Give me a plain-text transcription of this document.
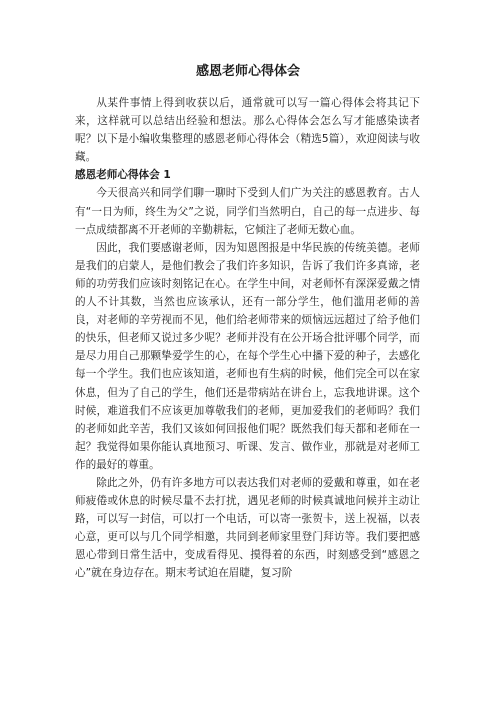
感恩老师心得体会

从某件事情上得到收获以后，通常就可以写一篇心得体会将其记下来，这样就可以总结出经验和想法。那么心得体会怎么写才能感染读者呢？以下是小编收集整理的感恩老师心得体会（精选5篇），欢迎阅读与收藏。

感恩老师心得体会 1

今天很高兴和同学们聊一聊时下受到人们广为关注的感恩教育。古人有“一日为师，终生为父”之说，同学们当然明白，自己的每一点进步、每一点成绩都离不开老师的辛勤耕耘，它倾注了老师无数心血。

因此，我们要感谢老师，因为知恩图报是中华民族的传统美德。老师是我们的启蒙人，是他们教会了我们许多知识，告诉了我们许多真谛，老师的功劳我们应该时刻铭记在心。在学生中间，对老师怀有深深爱戴之情的人不计其数，当然也应该承认，还有一部分学生，他们滥用老师的善良，对老师的辛劳视而不见，他们给老师带来的烦恼远远超过了给予他们的快乐，但老师又说过多少呢？老师并没有在公开场合批评哪个同学，而是尽力用自己那颗挚爱学生的心，在每个学生心中播下爱的种子，去感化每一个学生。我们也应该知道，老师也有生病的时候，他们完全可以在家休息，但为了自己的学生，他们还是带病站在讲台上，忘我地讲课。这个时候，难道我们不应该更加尊敬我们的老师，更加爱我们的老师吗？我们的老师如此辛苦，我们又该如何回报他们呢？既然我们每天都和老师在一起？我觉得如果你能认真地预习、听课、发言、做作业，那就是对老师工作的最好的尊重。

除此之外，仍有许多地方可以表达我们对老师的爱戴和尊重，如在老师疲倦或休息的时候尽量不去打扰，遇见老师的时候真诚地问候并主动让路，可以写一封信，可以打一个电话，可以寄一张贺卡，送上祝福，以表心意，更可以与几个同学相邀，共同到老师家里登门拜访等。我们要把感恩心带到日常生活中，变成看得见、摸得着的东西，时刻感受到“感恩之心”就在身边存在。期末考试迫在眉睫，复习阶
